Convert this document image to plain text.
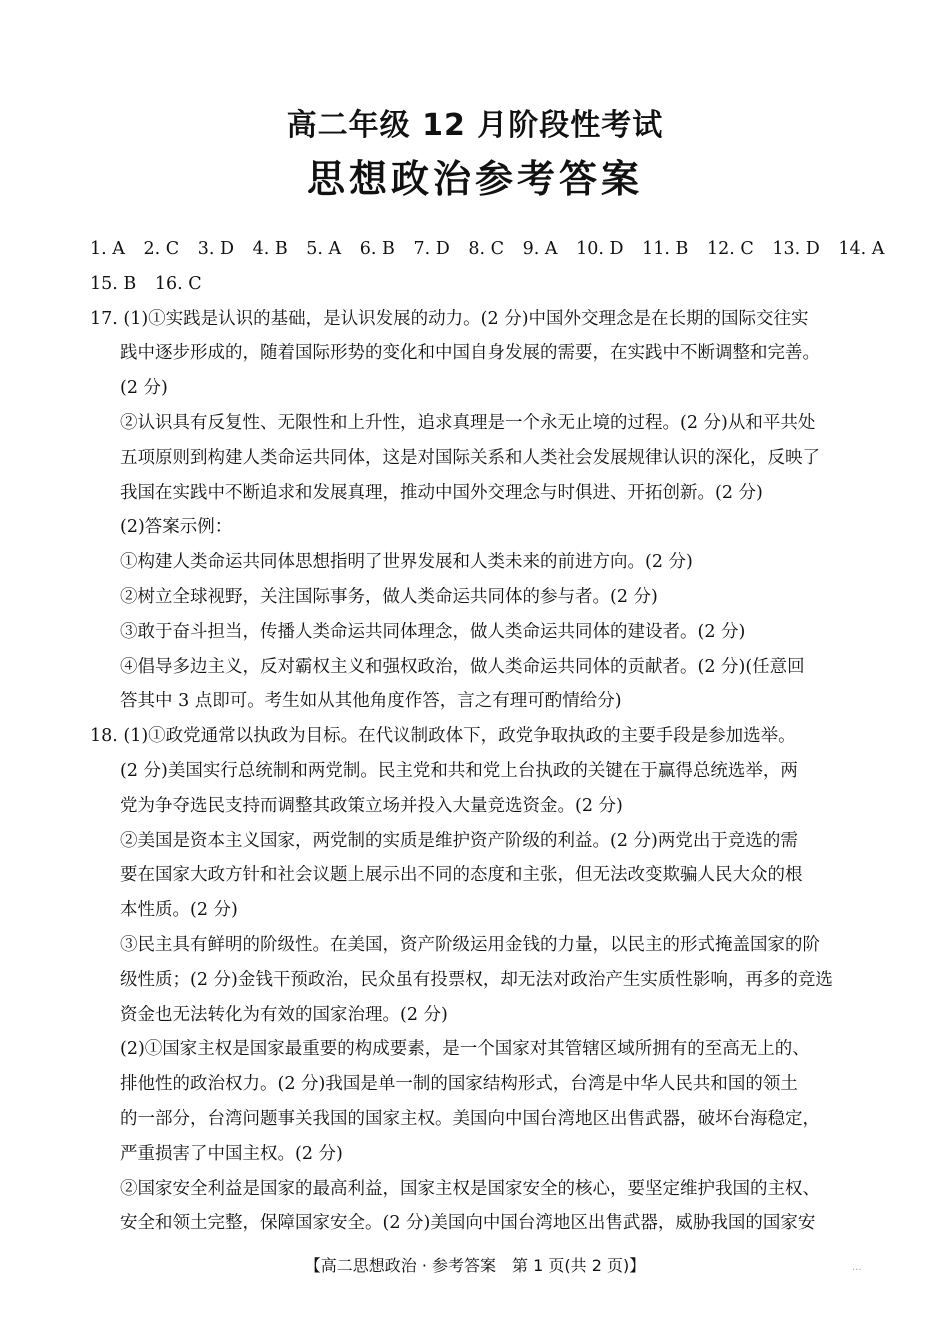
高二年级 12 月阶段性考试
思想政治参考答案
1. A 2. C 3. D 4. B 5. A 6. B 7. D 8. C 9. A 10. D 11. B 12. C 13. D 14. A
15. B 16. C
17. (1)①实践是认识的基础，是认识发展的动力。(2 分)中国外交理念是在长期的国际交往实
践中逐步形成的，随着国际形势的变化和中国自身发展的需要，在实践中不断调整和完善。
(2 分)
②认识具有反复性、无限性和上升性，追求真理是一个永无止境的过程。(2 分)从和平共处
五项原则到构建人类命运共同体，这是对国际关系和人类社会发展规律认识的深化，反映了
我国在实践中不断追求和发展真理，推动中国外交理念与时俱进、开拓创新。(2 分)
(2)答案示例：
①构建人类命运共同体思想指明了世界发展和人类未来的前进方向。(2 分)
②树立全球视野，关注国际事务，做人类命运共同体的参与者。(2 分)
③敢于奋斗担当，传播人类命运共同体理念，做人类命运共同体的建设者。(2 分)
④倡导多边主义，反对霸权主义和强权政治，做人类命运共同体的贡献者。(2 分)(任意回
答其中 3 点即可。考生如从其他角度作答，言之有理可酌情给分)
18. (1)①政党通常以执政为目标。在代议制政体下，政党争取执政的主要手段是参加选举。
(2 分)美国实行总统制和两党制。民主党和共和党上台执政的关键在于赢得总统选举，两
党为争夺选民支持而调整其政策立场并投入大量竞选资金。(2 分)
②美国是资本主义国家，两党制的实质是维护资产阶级的利益。(2 分)两党出于竞选的需
要在国家大政方针和社会议题上展示出不同的态度和主张，但无法改变欺骗人民大众的根
本性质。(2 分)
③民主具有鲜明的阶级性。在美国，资产阶级运用金钱的力量，以民主的形式掩盖国家的阶
级性质；(2 分)金钱干预政治，民众虽有投票权，却无法对政治产生实质性影响，再多的竞选
资金也无法转化为有效的国家治理。(2 分)
(2)①国家主权是国家最重要的构成要素，是一个国家对其管辖区域所拥有的至高无上的、
排他性的政治权力。(2 分)我国是单一制的国家结构形式，台湾是中华人民共和国的领土
的一部分，台湾问题事关我国的国家主权。美国向中国台湾地区出售武器，破坏台海稳定，
严重损害了中国主权。(2 分)
②国家安全利益是国家的最高利益，国家主权是国家安全的核心，要坚定维护我国的主权、
安全和领土完整，保障国家安全。(2 分)美国向中国台湾地区出售武器，威胁我国的国家安
【高二思想政治 · 参考答案　第 1 页(共 2 页)】	...
